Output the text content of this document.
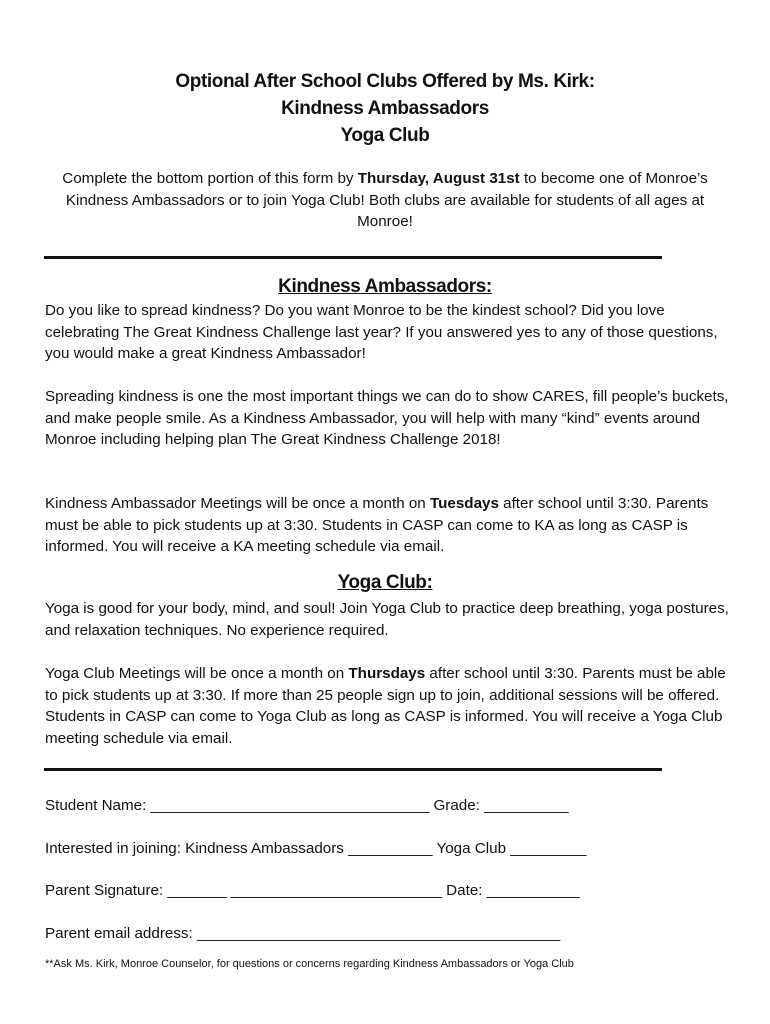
Optional After School Clubs Offered by Ms. Kirk:
Kindness Ambassadors
Yoga Club
Complete the bottom portion of this form by Thursday, August 31st to become one of Monroe’s Kindness Ambassadors or to join Yoga Club! Both clubs are available for students of all ages at Monroe!
Kindness Ambassadors:
Do you like to spread kindness? Do you want Monroe to be the kindest school? Did you love celebrating The Great Kindness Challenge last year? If you answered yes to any of those questions, you would make a great Kindness Ambassador!
Spreading kindness is one the most important things we can do to show CARES, fill people’s buckets, and make people smile. As a Kindness Ambassador, you will help with many “kind” events around Monroe including helping plan The Great Kindness Challenge 2018!
Kindness Ambassador Meetings will be once a month on Tuesdays after school until 3:30. Parents must be able to pick students up at 3:30. Students in CASP can come to KA as long as CASP is informed. You will receive a KA meeting schedule via email.
Yoga Club:
Yoga is good for your body, mind, and soul! Join Yoga Club to practice deep breathing, yoga postures, and relaxation techniques. No experience required.
Yoga Club Meetings will be once a month on Thursdays after school until 3:30. Parents must be able to pick students up at 3:30. If more than 25 people sign up to join, additional sessions will be offered. Students in CASP can come to Yoga Club as long as CASP is informed. You will receive a Yoga Club meeting schedule via email.
Student Name: _________________________________ Grade: __________
Interested in joining: Kindness Ambassadors __________ Yoga Club _________
Parent Signature: _______ _________________________ Date: ___________
Parent email address: ___________________________________________
**Ask Ms. Kirk, Monroe Counselor, for questions or concerns regarding Kindness Ambassadors or Yoga Club
